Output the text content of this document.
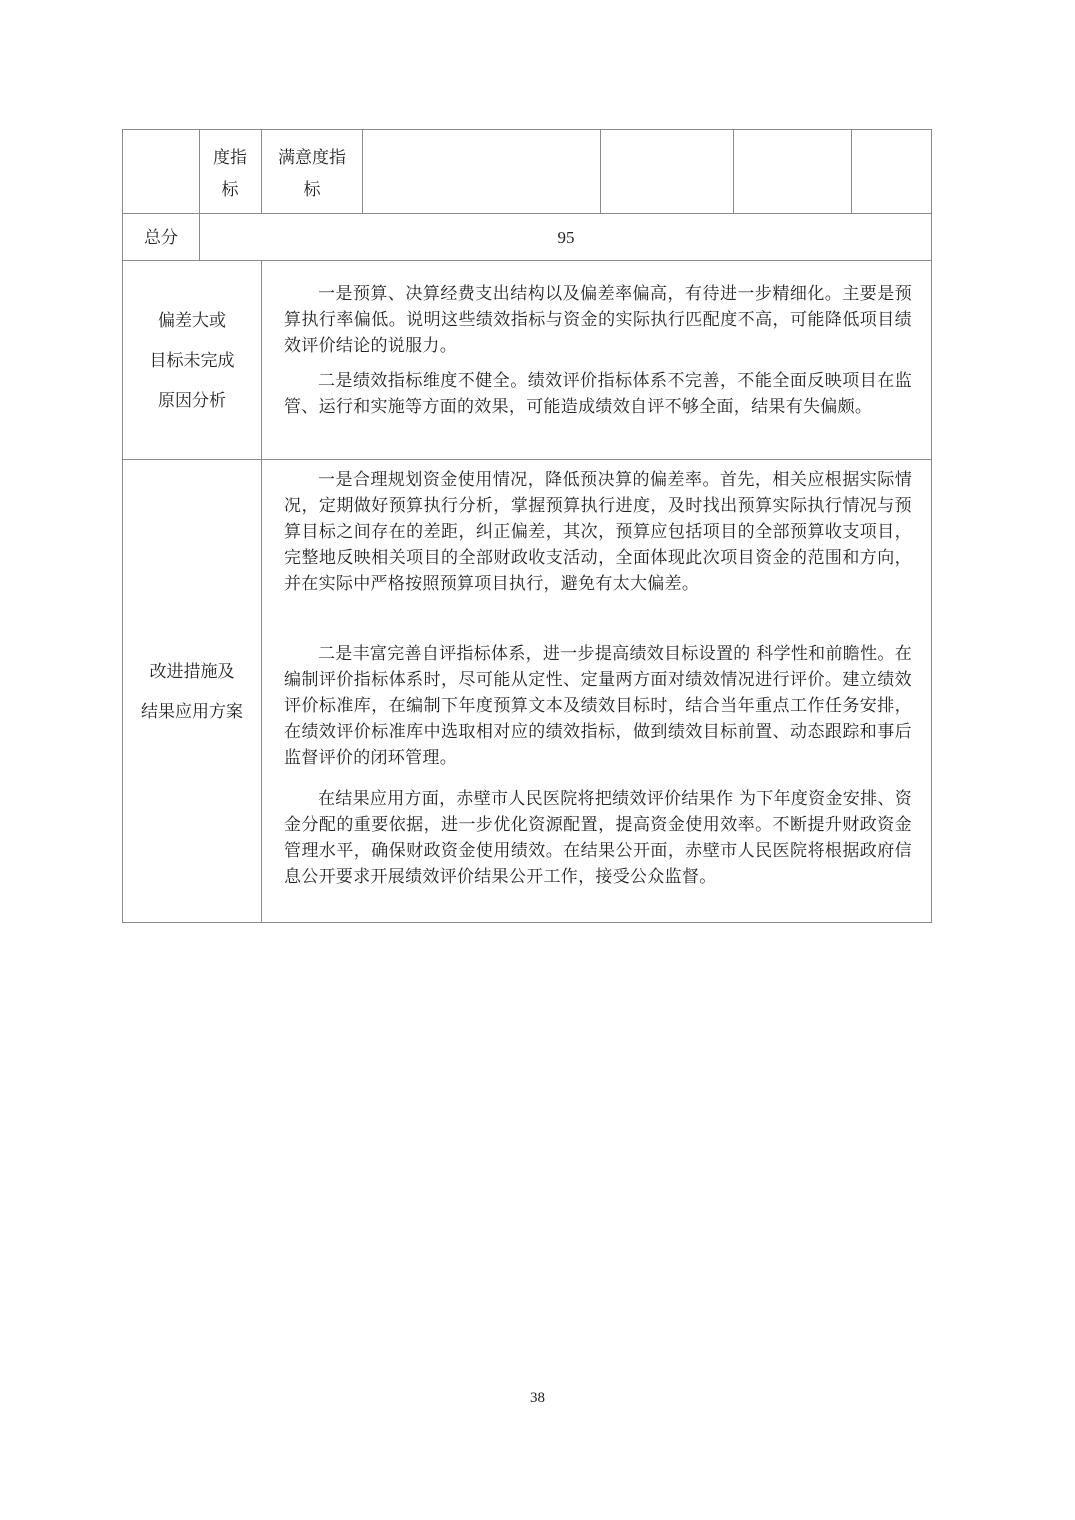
度指标
满意度指标
总分	95
偏差大或
目标未完成
原因分析
一是预算、决算经费支出结构以及偏差率偏高，有待进一步精细化。主要是预算执行率偏低。说明这些绩效指标与资金的实际执行匹配度不高，可能降低项目绩效评价结论的说服力。
二是绩效指标维度不健全。绩效评价指标体系不完善，不能全面反映项目在监管、运行和实施等方面的效果，可能造成绩效自评不够全面，结果有失偏颇。
改进措施及
结果应用方案
一是合理规划资金使用情况，降低预决算的偏差率。首先，相关应根据实际情况，定期做好预算执行分析，掌握预算执行进度，及时找出预算实际执行情况与预算目标之间存在的差距，纠正偏差，其次，预算应包括项目的全部预算收支项目，完整地反映相关项目的全部财政收支活动，全面体现此次项目资金的范围和方向，并在实际中严格按照预算项目执行，避免有太大偏差。
二是丰富完善自评指标体系，进一步提高绩效目标设置的 科学性和前瞻性。在编制评价指标体系时，尽可能从定性、定量两方面对绩效情况进行评价。建立绩效评价标准库，在编制下年度预算文本及绩效目标时，结合当年重点工作任务安排，在绩效评价标准库中选取相对应的绩效指标，做到绩效目标前置、动态跟踪和事后监督评价的闭环管理。
在结果应用方面，赤壁市人民医院将把绩效评价结果作 为下年度资金安排、资金分配的重要依据，进一步优化资源配置，提高资金使用效率。不断提升财政资金管理水平，确保财政资金使用绩效。在结果公开面，赤壁市人民医院将根据政府信息公开要求开展绩效评价结果公开工作，接受公众监督。
38
